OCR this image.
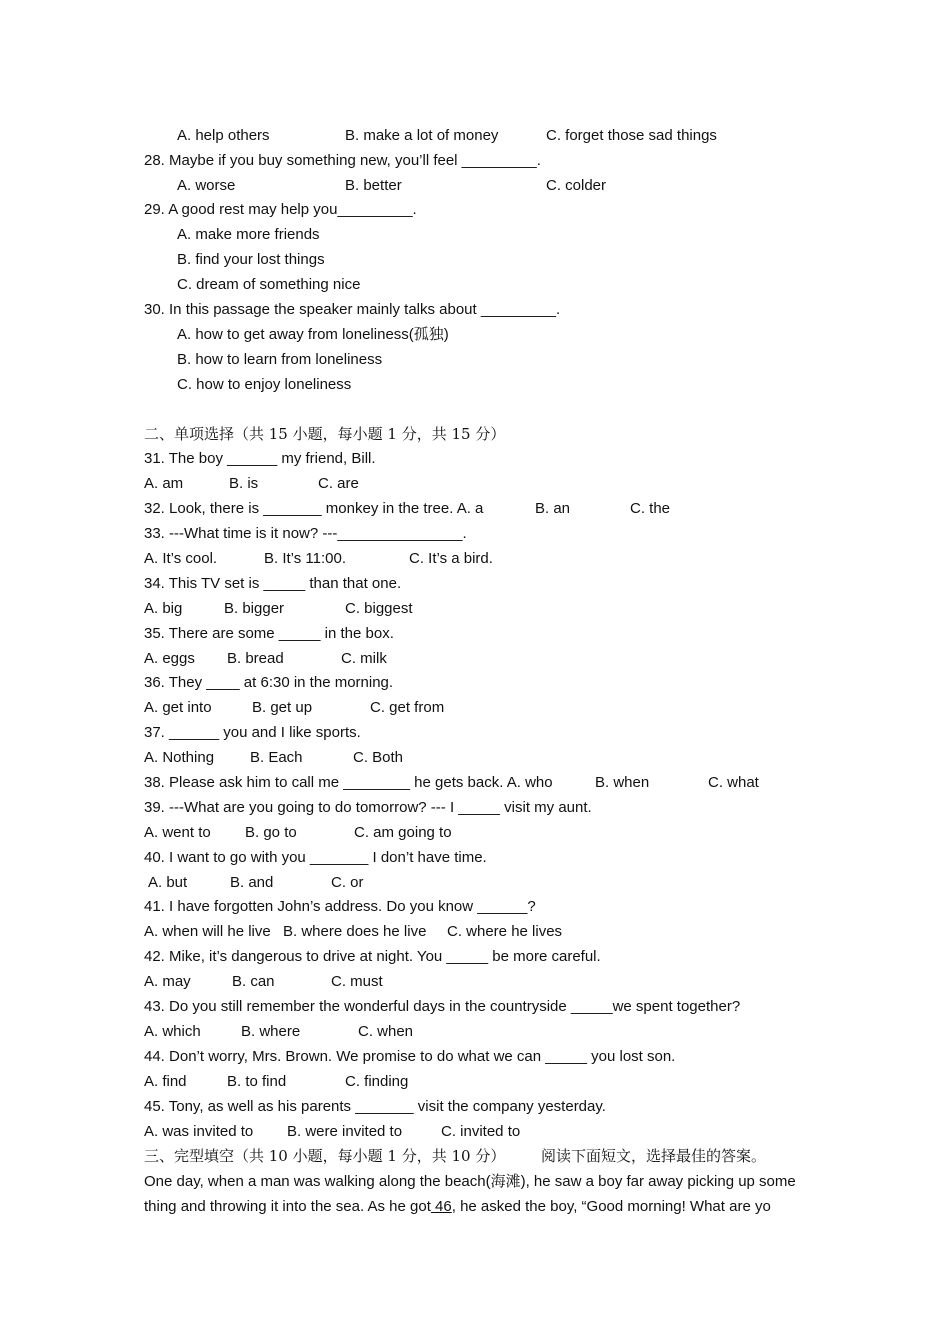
A. help others	B. make a lot of money	C. forget those sad things
28. Maybe if you buy something new, you’ll feel _________.
A. worse	B. better	C. colder
29. A good rest may help you_________.
A. make more friends
B. find your lost things
C. dream of something nice
30. In this passage the speaker mainly talks about _________.
A. how to get away from loneliness(孤独)
B. how to learn from loneliness
C. how to enjoy loneliness
二、单项选择（共 15 小题，每小题 1 分，共 15 分）
31. The boy ______ my friend, Bill.
A. am	B. is	C. are
32. Look, there is _______ monkey in the tree. A. a	B. an	C. the
33. ---What time is it now? ---_______________.
A. It’s cool.	B. It’s 11:00.	C. It’s a bird.
34. This TV set is _____ than that one.
A. big	B. bigger	C. biggest
35. There are some _____ in the box.
A. eggs B. bread	C. milk
36. They ____ at 6:30 in the morning.
A. get into	B. get up	C. get from
37. ______ you and I like sports.
A. Nothing B. Each	C. Both
38. Please ask him to call me ________ he gets back. A. who	B. when	C. what
39. ---What are you going to do tomorrow? --- I _____ visit my aunt.
A. went to B. go to	C. am going to
40. I want to go with you _______ I don’t have time.
A. but	B. and	C. or
41. I have forgotten John’s address. Do you know ______?
A. when will he live B. where does he live C. where he lives
42. Mike, it’s dangerous to drive at night. You _____ be more careful.
A. may	B. can	C. must
43. Do you still remember the wonderful days in the countryside _____we spent together?
A. which	B. where	C. when
44. Don’t worry, Mrs. Brown. We promise to do what we can _____ you lost son.
A. find	B. to find	C. finding
45. Tony, as well as his parents _______ visit the company yesterday.
A. was invited to B. were invited to	C. invited to
三、完型填空（共 10 小题，每小题 1 分，共 10 分） 阅读下面短文，选择最佳的答案。
One day, when a man was walking along the beach(海滩), he saw a boy far away picking up some
thing and throwing it into the sea. As he got 46, he asked the boy, “Good morning! What are yo
